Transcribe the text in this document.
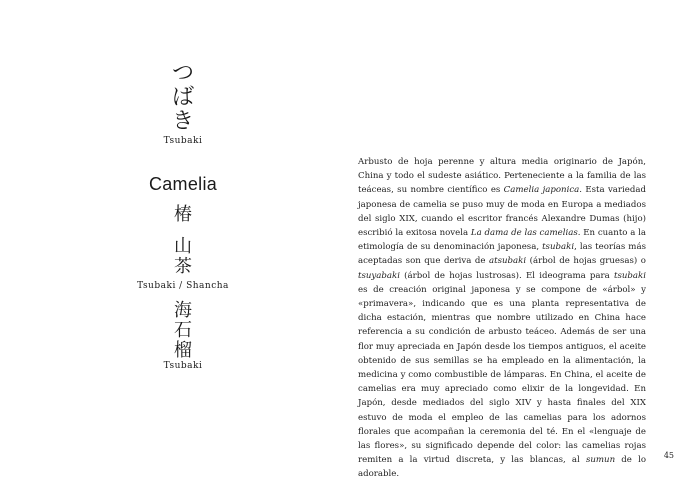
つ
ば
き
Tsubaki
Camelia
椿
山
茶
Tsubaki / Shancha
海
石
榴
Tsubaki
Arbusto de hoja perenne y altura media originario de Japón, China y todo el sudeste asiático. Perteneciente a la familia de las teáceas, su nombre científico es Camelia japonica. Esta variedad japonesa de camelia se puso muy de moda en Europa a mediados del siglo XIX, cuando el escritor francés Alexandre Dumas (hijo) escribió la exitosa novela La dama de las camelias. En cuanto a la etimología de su denominación japonesa, tsubaki, las teorías más aceptadas son que deriva de atsubaki (árbol de hojas gruesas) o tsuyabaki (árbol de hojas lustrosas). El ideograma para tsubaki es de creación original japonesa y se compone de «árbol» y «primavera», indicando que es una planta representativa de dicha estación, mientras que nombre utilizado en China hace referencia a su condición de arbusto teáceo. Además de ser una flor muy apreciada en Japón desde los tiempos antiguos, el aceite obtenido de sus semillas se ha empleado en la alimentación, la medicina y como combustible de lámparas. En China, el aceite de camelias era muy apreciado como elixir de la longevidad. En Japón, desde mediados del siglo XIV y hasta finales del XIX estuvo de moda el empleo de las camelias para los adornos florales que acompañan la ceremonia del té. En el «lenguaje de las flores», su significado depende del color: las camelias rojas remiten a la virtud discreta, y las blancas, al sumun de lo adorable.
45
